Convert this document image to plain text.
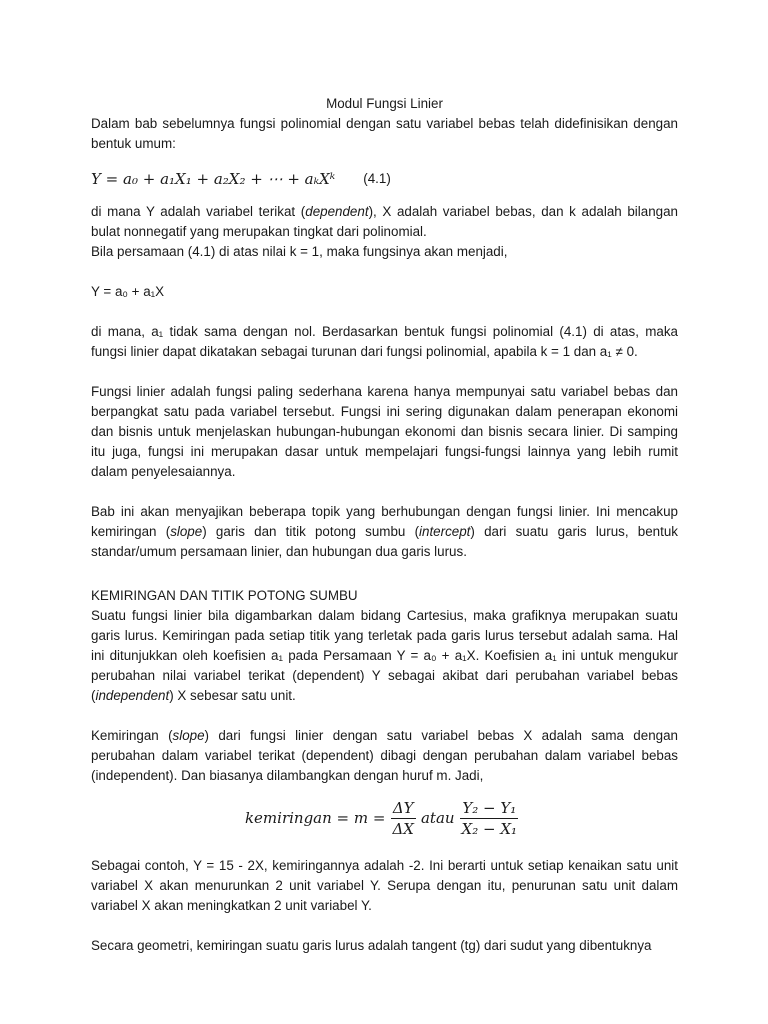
Modul Fungsi Linier

Dalam bab sebelumnya fungsi polinomial dengan satu variabel bebas telah didefinisikan dengan bentuk umum:

Y = a₀ + a₁X₁ + a₂X₂ + ⋯ + aₖXᵏ (4.1)

di mana Y adalah variabel terikat (dependent), X adalah variabel bebas, dan k adalah bilangan bulat nonnegatif yang merupakan tingkat dari polinomial.

Bila persamaan (4.1) di atas nilai k = 1, maka fungsinya akan menjadi,

Y = a₀ + a₁X

di mana, a₁ tidak sama dengan nol. Berdasarkan bentuk fungsi polinomial (4.1) di atas, maka fungsi linier dapat dikatakan sebagai turunan dari fungsi polinomial, apabila k = 1 dan a₁ ≠ 0.

Fungsi linier adalah fungsi paling sederhana karena hanya mempunyai satu variabel bebas dan berpangkat satu pada variabel tersebut. Fungsi ini sering digunakan dalam penerapan ekonomi dan bisnis untuk menjelaskan hubungan-hubungan ekonomi dan bisnis secara linier. Di samping itu juga, fungsi ini merupakan dasar untuk mempelajari fungsi-fungsi lainnya yang lebih rumit dalam penyelesaiannya.

Bab ini akan menyajikan beberapa topik yang berhubungan dengan fungsi linier. Ini mencakup kemiringan (slope) garis dan titik potong sumbu (intercept) dari suatu garis lurus, bentuk standar/umum persamaan linier, dan hubungan dua garis lurus.

KEMIRINGAN DAN TITIK POTONG SUMBU

Suatu fungsi linier bila digambarkan dalam bidang Cartesius, maka grafiknya merupakan suatu garis lurus. Kemiringan pada setiap titik yang terletak pada garis lurus tersebut adalah sama. Hal ini ditunjukkan oleh koefisien a₁ pada Persamaan Y = a₀ + a₁X. Koefisien a₁ ini untuk mengukur perubahan nilai variabel terikat (dependent) Y sebagai akibat dari perubahan variabel bebas (independent) X sebesar satu unit.

Kemiringan (slope) dari fungsi linier dengan satu variabel bebas X adalah sama dengan perubahan dalam variabel terikat (dependent) dibagi dengan perubahan dalam variabel bebas (independent). Dan biasanya dilambangkan dengan huruf m. Jadi,

kemiringan = $m = \frac{\Delta Y}{\Delta X}$ atau $\frac{\text{Y₂ − Y₁}}{\text{X₂ − X₁}}$

Sebagai contoh, Y = 15 - 2X, kemiringannya adalah -2. Ini berarti untuk setiap kenaikan satu unit variabel X akan menurunkan 2 unit variabel Y. Serupa dengan itu, penurunan satu unit dalam variabel X akan meningkatkan 2 unit variabel Y.

Secara geometri, kemiringan suatu garis lurus adalah tangent (tg) dari sudut yang dibentuknya
